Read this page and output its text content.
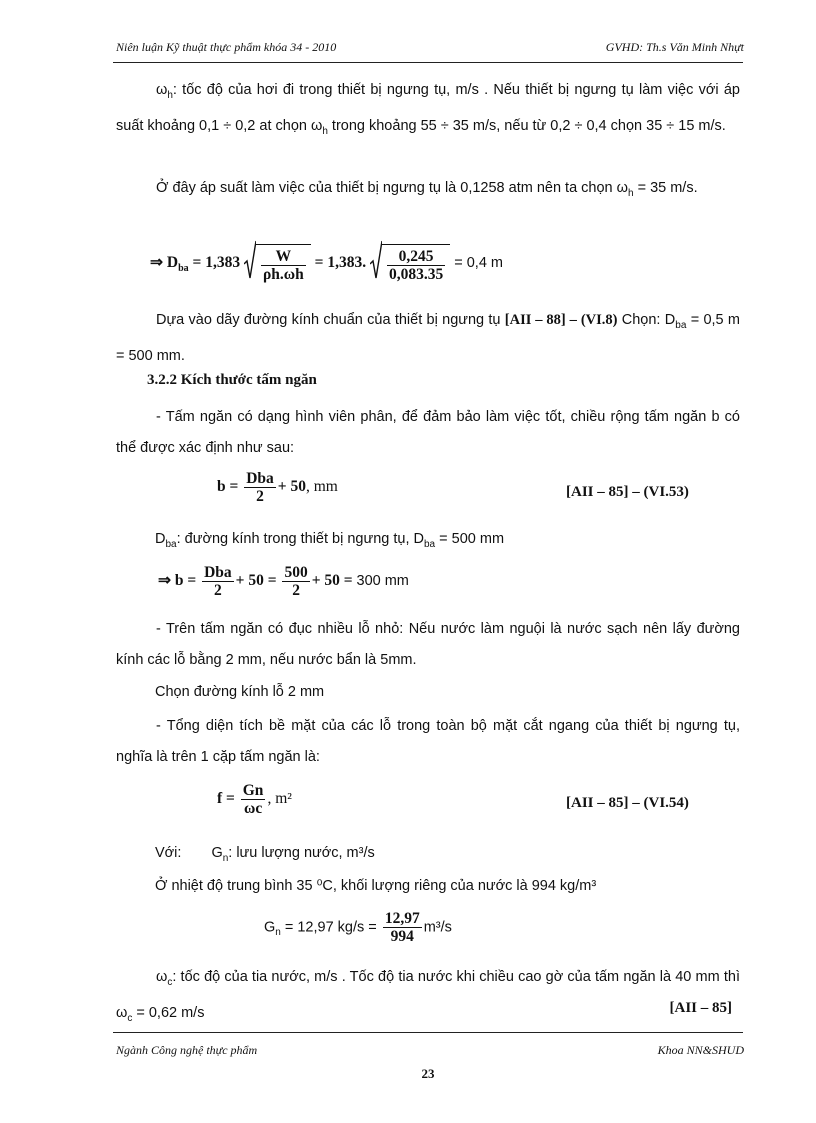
Niên luận Kỹ thuật thực phẩm khóa 34 - 2010	GVHD: Th.s Văn Minh Nhựt
$\omega_h$: tốc độ của hơi đi trong thiết bị ngưng tụ, m/s . Nếu thiết bị ngưng tụ làm việc với áp suất khoảng 0,1 ÷ 0,2 at chọn $\omega_h$ trong khoảng 55 ÷ 35 m/s, nếu từ 0,2 ÷ 0,4 chọn 35 ÷ 15 m/s.
Ở đây áp suất làm việc của thiết bị ngưng tụ là 0,1258 atm nên ta chọn $\omega_h = 35$ m/s.
⇒ $D_{ba} = 1,383 \frac{W}{\rho h.\omega h} = 1,383$. $\frac{0,245}{0,083.35} = 0,4$ m
Dựa vào dãy đường kính chuẩn của thiết bị ngưng tụ [AII – 88] – (VI.8) Chọn: $D_{ba} = 0,5$ m = 500 mm.
3.2.2 Kích thước tấm ngăn
- Tấm ngăn có dạng hình viên phân, để đảm bảo làm việc tốt, chiều rộng tấm ngăn b có thể được xác định như sau:
$b = \frac{\text{Dba}}{2} + 50$, mm	[AII – 85] – (VI.53)
$D_{ba}$: đường kính trong thiết bị ngưng tụ, $D_{ba} = 500$ mm
⇒ $b = \frac{\text{Dba}}{2} + 50 = \frac{500}{2} + 50 = 300$ mm
- Trên tấm ngăn có đục nhiều lỗ nhỏ: Nếu nước làm nguội là nước sạch nên lấy đường kính các lỗ bằng 2 mm, nếu nước bẩn là 5mm.
Chọn đường kính lỗ 2 mm
- Tổng diện tích bề mặt của các lỗ trong toàn bộ mặt cắt ngang của thiết bị ngưng tụ, nghĩa là trên 1 cặp tấm ngăn là:
$f = \frac{Gn}{\omega c}$ , m²	[AII – 85] – (VI.54)
Với: $G_n$: lưu lượng nước, m³/s
Ở nhiệt độ trung bình 35 ⁰C, khối lượng riêng của nước là 994 kg/m³
$G_n = 12,97$ $kg/s = \frac{12,97}{994} m^3/s$
$\omega_c$: tốc độ của tia nước, m/s . Tốc độ tia nước khi chiều cao gờ của tấm ngăn là 40 mm thì $\omega_c = 0,62$ m/s	[AII – 85]
Ngành Công nghệ thực phẩm	Khoa NN&SHUD
23
